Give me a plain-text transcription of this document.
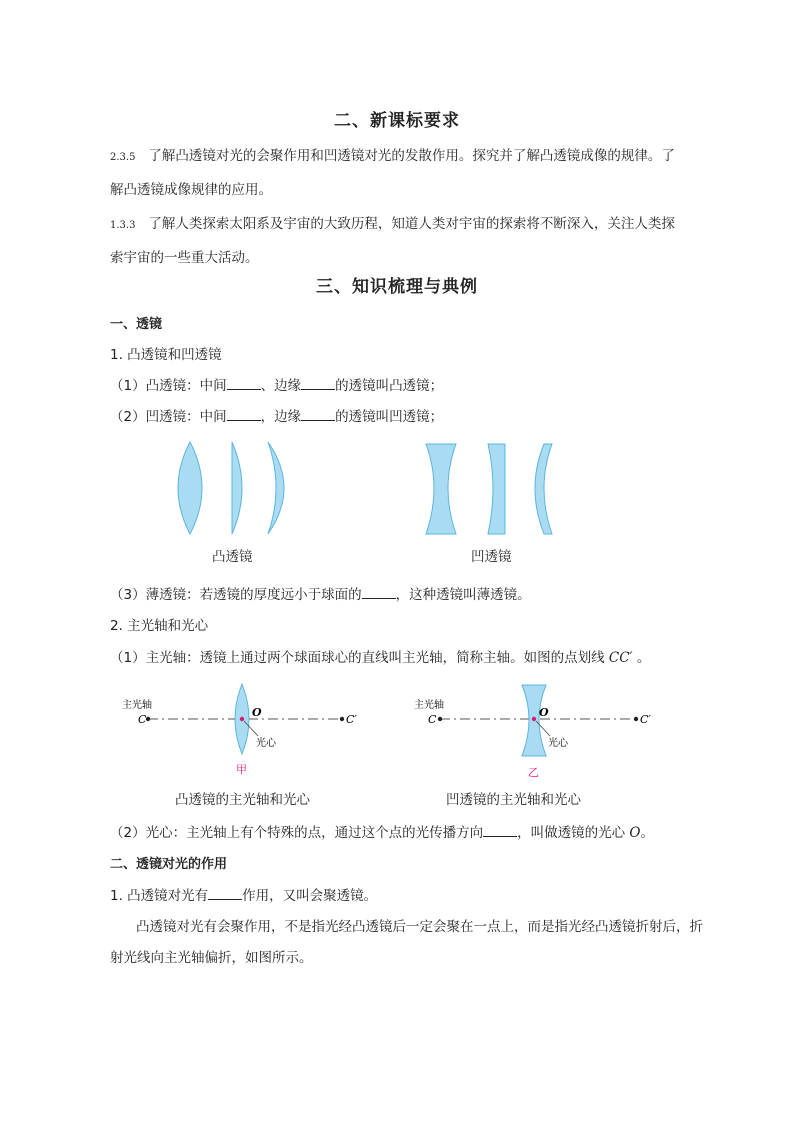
二、新课标要求
2.3.5 了解凸透镜对光的会聚作用和凹透镜对光的发散作用。探究并了解凸透镜成像的规律。了
解凸透镜成像规律的应用。
1.3.3 了解人类探索太阳系及宇宙的大致历程，知道人类对宇宙的探索将不断深入，关注人类探
索宇宙的一些重大活动。
三、知识梳理与典例
一、透镜
1. 凸透镜和凹透镜
（1）凸透镜：中间	、边缘	的透镜叫凸透镜；
（2）凹透镜：中间	，边缘	的透镜叫凹透镜；
凸透镜	凹透镜
（3）薄透镜：若透镜的厚度远小于球面的	，这种透镜叫薄透镜。
2. 主光轴和光心
（1）主光轴：透镜上通过两个球面球心的直线叫主光轴，简称主轴。如图的点划线 CC′ 。
主光轴
C	C′
O
光心
甲
主光轴
C	C′
O
光心
乙
凸透镜的主光轴和光心	凹透镜的主光轴和光心
（2）光心：主光轴上有个特殊的点，通过这个点的光传播方向	，叫做透镜的光心 O。
二、透镜对光的作用
1. 凸透镜对光有	作用，又叫会聚透镜。
凸透镜对光有会聚作用，不是指光经凸透镜后一定会聚在一点上，而是指光经凸透镜折射后，折
射光线向主光轴偏折，如图所示。
